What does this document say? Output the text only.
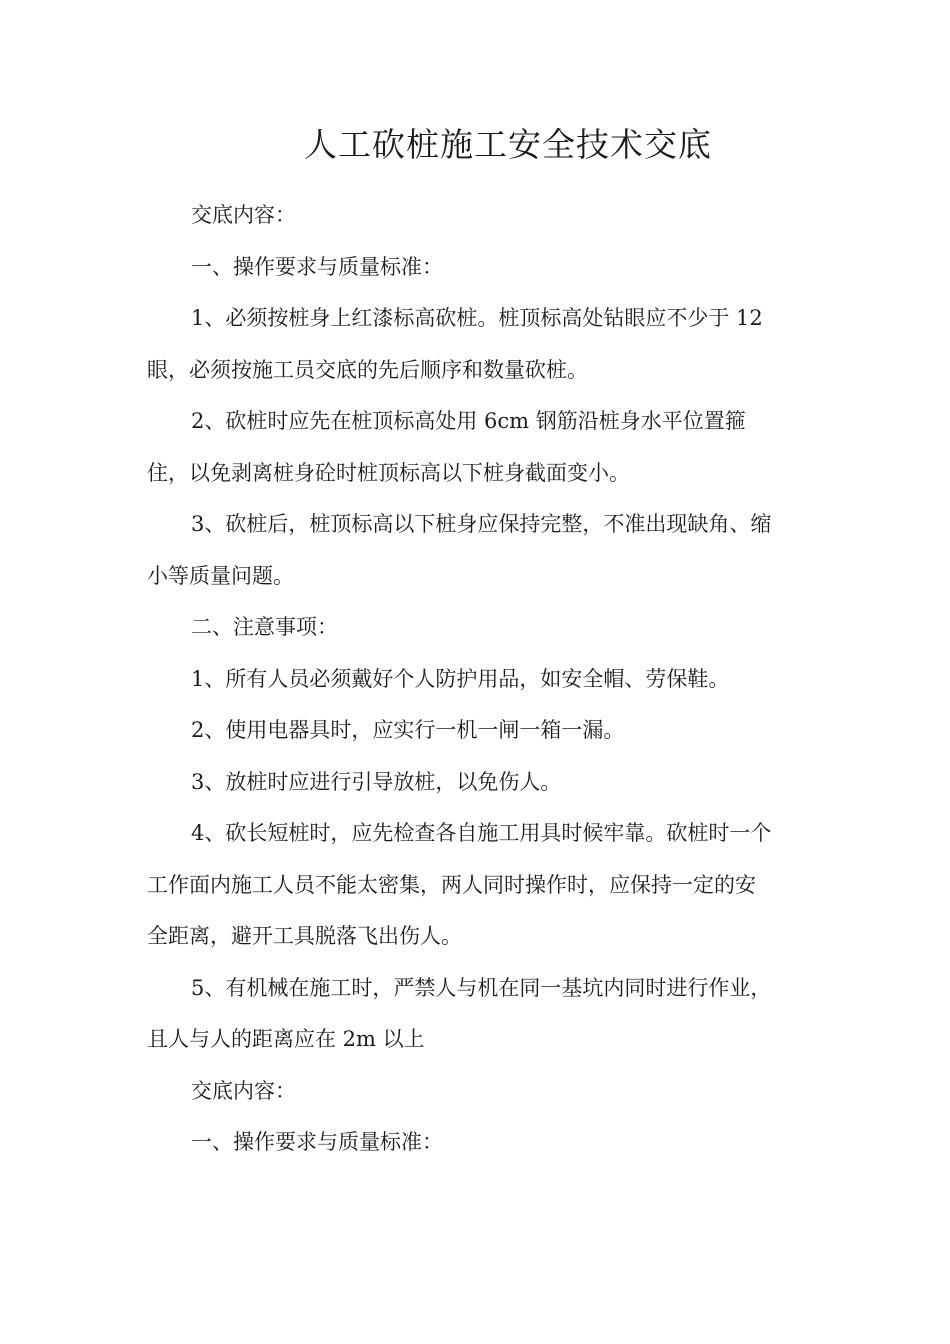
人工砍桩施工安全技术交底

交底内容：

一、操作要求与质量标准：

1、必须按桩身上红漆标高砍桩。桩顶标高处钻眼应不少于 12
眼，必须按施工员交底的先后顺序和数量砍桩。

2、砍桩时应先在桩顶标高处用 6cm 钢筋沿桩身水平位置箍
住，以免剥离桩身砼时桩顶标高以下桩身截面变小。

3、砍桩后，桩顶标高以下桩身应保持完整，不准出现缺角、缩
小等质量问题。

二、注意事项：

1、所有人员必须戴好个人防护用品，如安全帽、劳保鞋。

2、使用电器具时，应实行一机一闸一箱一漏。

3、放桩时应进行引导放桩，以免伤人。

4、砍长短桩时，应先检查各自施工用具时候牢靠。砍桩时一个
工作面内施工人员不能太密集，两人同时操作时，应保持一定的安
全距离，避开工具脱落飞出伤人。

5、有机械在施工时，严禁人与机在同一基坑内同时进行作业，
且人与人的距离应在 2m 以上

交底内容：

一、操作要求与质量标准：
